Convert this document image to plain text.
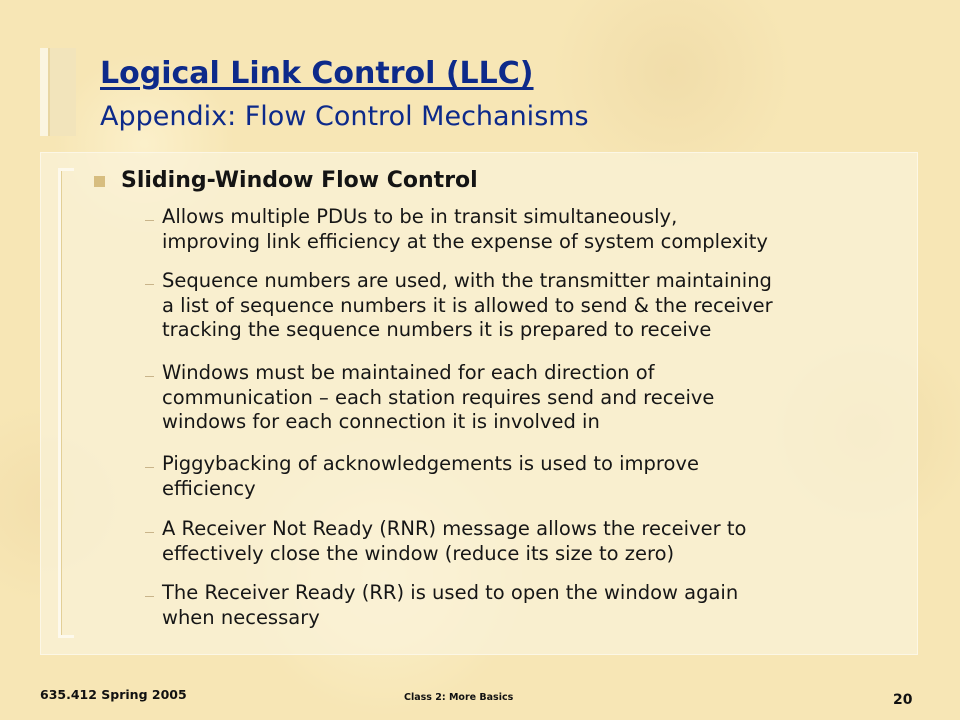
Logical Link Control (LLC)
Appendix: Flow Control Mechanisms
Sliding-Window Flow Control

Allows multiple PDUs to be in transit simultaneously,
improving link efficiency at the expense of system complexity

Sequence numbers are used, with the transmitter maintaining
a list of sequence numbers it is allowed to send & the receiver
tracking the sequence numbers it is prepared to receive

Windows must be maintained for each direction of
communication – each station requires send and receive
windows for each connection it is involved in

Piggybacking of acknowledgements is used to improve
efficiency

A Receiver Not Ready (RNR) message allows the receiver to
effectively close the window (reduce its size to zero)

The Receiver Ready (RR) is used to open the window again
when necessary

635.412 Spring 2005	Class 2: More Basics	20
